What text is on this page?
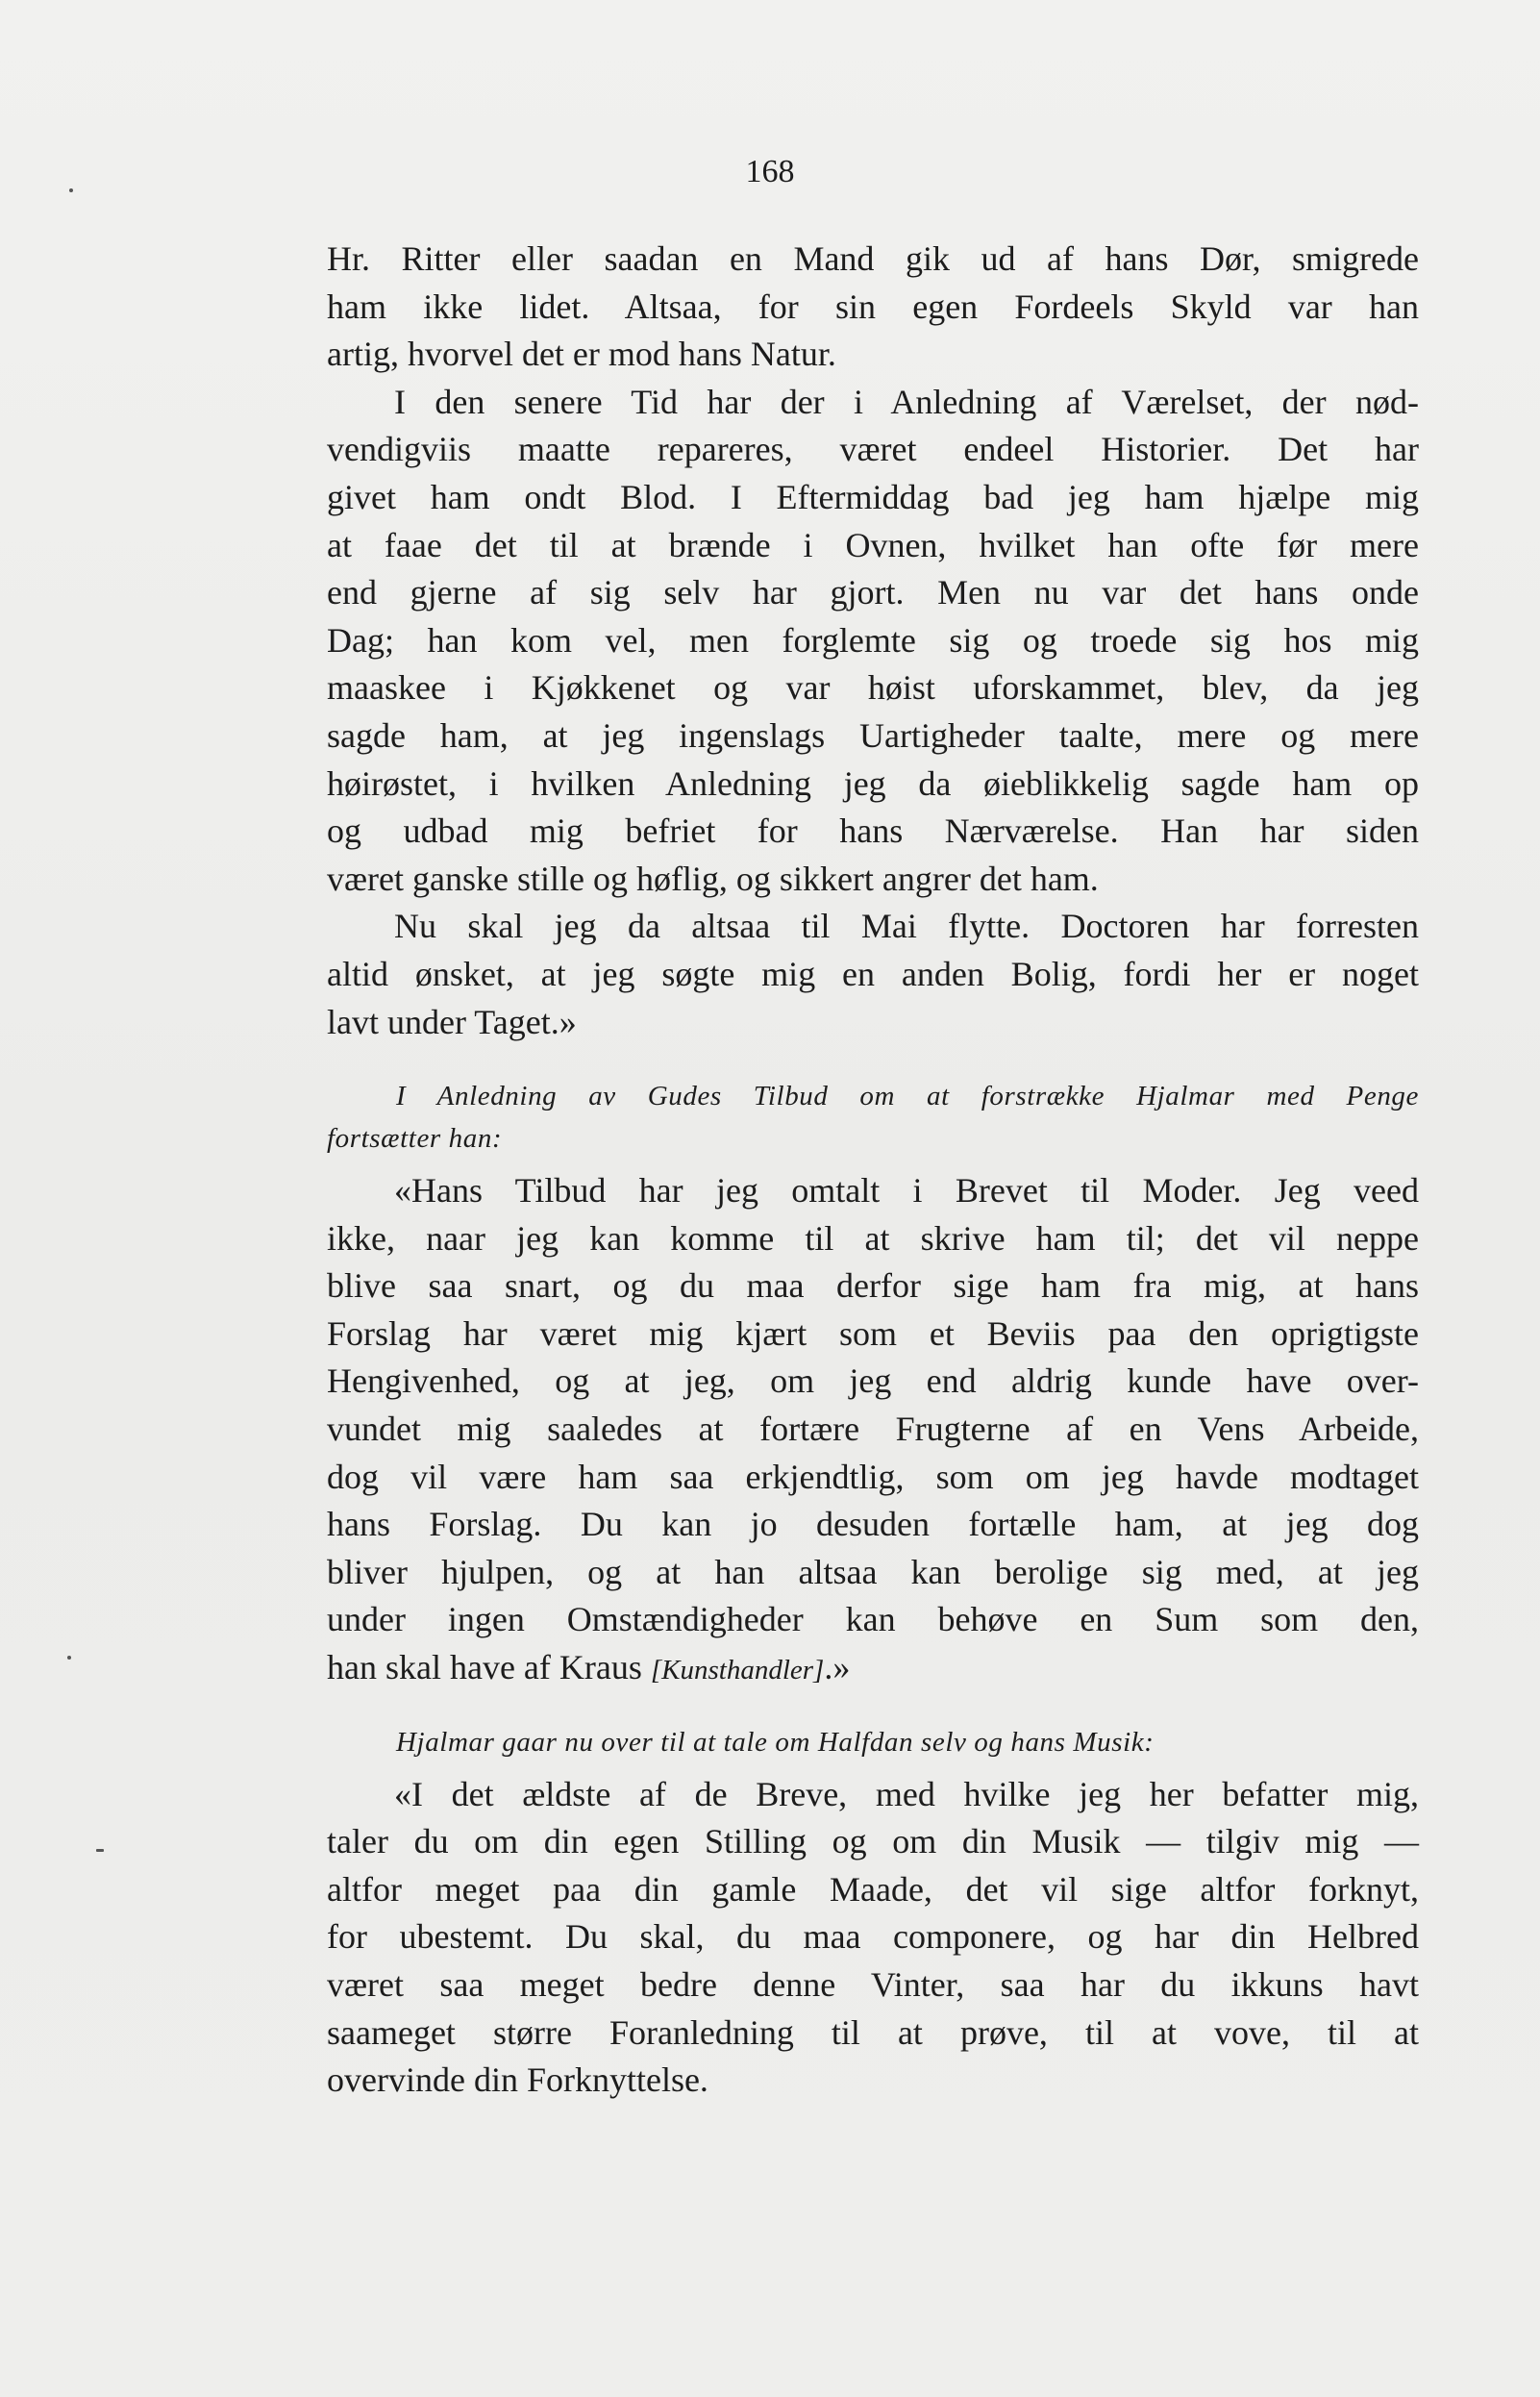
168
Hr. Ritter eller saadan en Mand gik ud af hans Dør, smigrede
ham ikke lidet. Altsaa, for sin egen Fordeels Skyld var han
artig, hvorvel det er mod hans Natur.
I den senere Tid har der i Anledning af Værelset, der nød-
vendigviis maatte repareres, været endeel Historier. Det har
givet ham ondt Blod. I Eftermiddag bad jeg ham hjælpe mig
at faae det til at brænde i Ovnen, hvilket han ofte før mere
end gjerne af sig selv har gjort. Men nu var det hans onde
Dag; han kom vel, men forglemte sig og troede sig hos mig
maaskee i Kjøkkenet og var høist uforskammet, blev, da jeg
sagde ham, at jeg ingenslags Uartigheder taalte, mere og mere
høirøstet, i hvilken Anledning jeg da øieblikkelig sagde ham op
og udbad mig befriet for hans Nærværelse. Han har siden
været ganske stille og høflig, og sikkert angrer det ham.
Nu skal jeg da altsaa til Mai flytte. Doctoren har forresten
altid ønsket, at jeg søgte mig en anden Bolig, fordi her er noget
lavt under Taget.»
I Anledning av Gudes Tilbud om at forstrække Hjalmar med Penge
fortsætter han:
«Hans Tilbud har jeg omtalt i Brevet til Moder. Jeg veed
ikke, naar jeg kan komme til at skrive ham til; det vil neppe
blive saa snart, og du maa derfor sige ham fra mig, at hans
Forslag har været mig kjært som et Beviis paa den oprigtigste
Hengivenhed, og at jeg, om jeg end aldrig kunde have over-
vundet mig saaledes at fortære Frugterne af en Vens Arbeide,
dog vil være ham saa erkjendtlig, som om jeg havde modtaget
hans Forslag. Du kan jo desuden fortælle ham, at jeg dog
bliver hjulpen, og at han altsaa kan berolige sig med, at jeg
under ingen Omstændigheder kan behøve en Sum som den,
han skal have af Kraus [Kunsthandler].»
Hjalmar gaar nu over til at tale om Halfdan selv og hans Musik:
«I det ældste af de Breve, med hvilke jeg her befatter mig,
taler du om din egen Stilling og om din Musik — tilgiv mig —
altfor meget paa din gamle Maade, det vil sige altfor forknyt,
for ubestemt. Du skal, du maa componere, og har din Helbred
været saa meget bedre denne Vinter, saa har du ikkuns havt
saameget større Foranledning til at prøve, til at vove, til at
overvinde din Forknyttelse.
